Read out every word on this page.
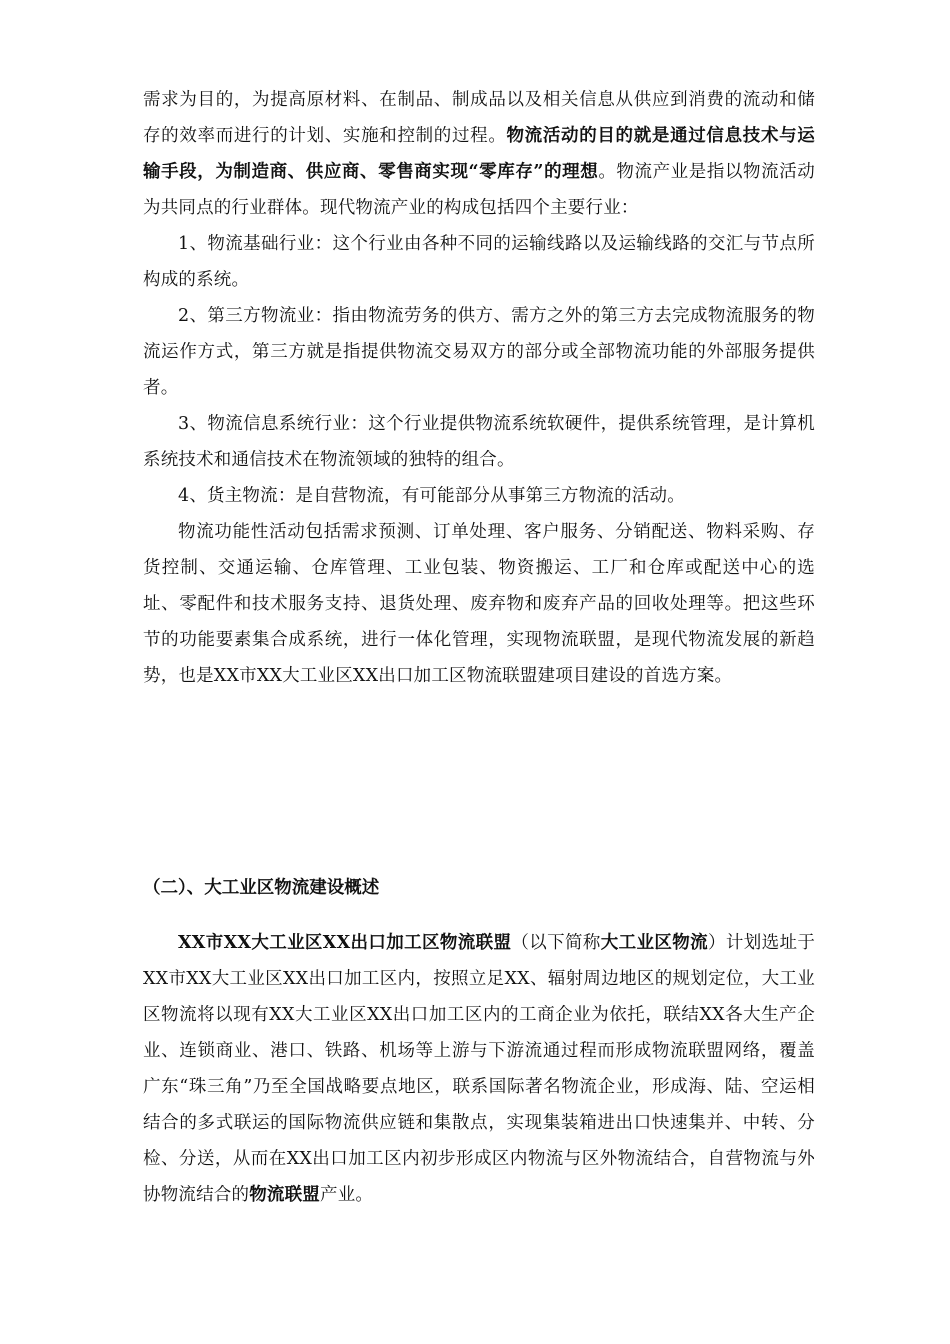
需求为目的，为提高原材料、在制品、制成品以及相关信息从供应到消费的流动和储存的效率而进行的计划、实施和控制的过程。物流活动的目的就是通过信息技术与运输手段，为制造商、供应商、零售商实现“零库存”的理想。物流产业是指以物流活动为共同点的行业群体。现代物流产业的构成包括四个主要行业：

1、物流基础行业：这个行业由各种不同的运输线路以及运输线路的交汇与节点所构成的系统。

2、第三方物流业：指由物流劳务的供方、需方之外的第三方去完成物流服务的物流运作方式，第三方就是指提供物流交易双方的部分或全部物流功能的外部服务提供者。

3、物流信息系统行业：这个行业提供物流系统软硬件，提供系统管理，是计算机系统技术和通信技术在物流领域的独特的组合。

4、货主物流：是自营物流，有可能部分从事第三方物流的活动。

物流功能性活动包括需求预测、订单处理、客户服务、分销配送、物料采购、存货控制、交通运输、仓库管理、工业包装、物资搬运、工厂和仓库或配送中心的选址、零配件和技术服务支持、退货处理、废弃物和废弃产品的回收处理等。把这些环节的功能要素集合成系统，进行一体化管理，实现物流联盟，是现代物流发展的新趋势，也是XX市XX大工业区XX出口加工区物流联盟建项目建设的首选方案。

（二）、大工业区物流建设概述

XX市XX大工业区XX出口加工区物流联盟（以下简称大工业区物流）计划选址于XX市XX大工业区XX出口加工区内，按照立足XX、辐射周边地区的规划定位，大工业区物流将以现有XX大工业区XX出口加工区内的工商企业为依托，联结XX各大生产企业、连锁商业、港口、铁路、机场等上游与下游流通过程而形成物流联盟网络，覆盖广东“珠三角”乃至全国战略要点地区，联系国际著名物流企业，形成海、陆、空运相结合的多式联运的国际物流供应链和集散点，实现集装箱进出口快速集并、中转、分检、分送，从而在XX出口加工区内初步形成区内物流与区外物流结合，自营物流与外协物流结合的物流联盟产业。
